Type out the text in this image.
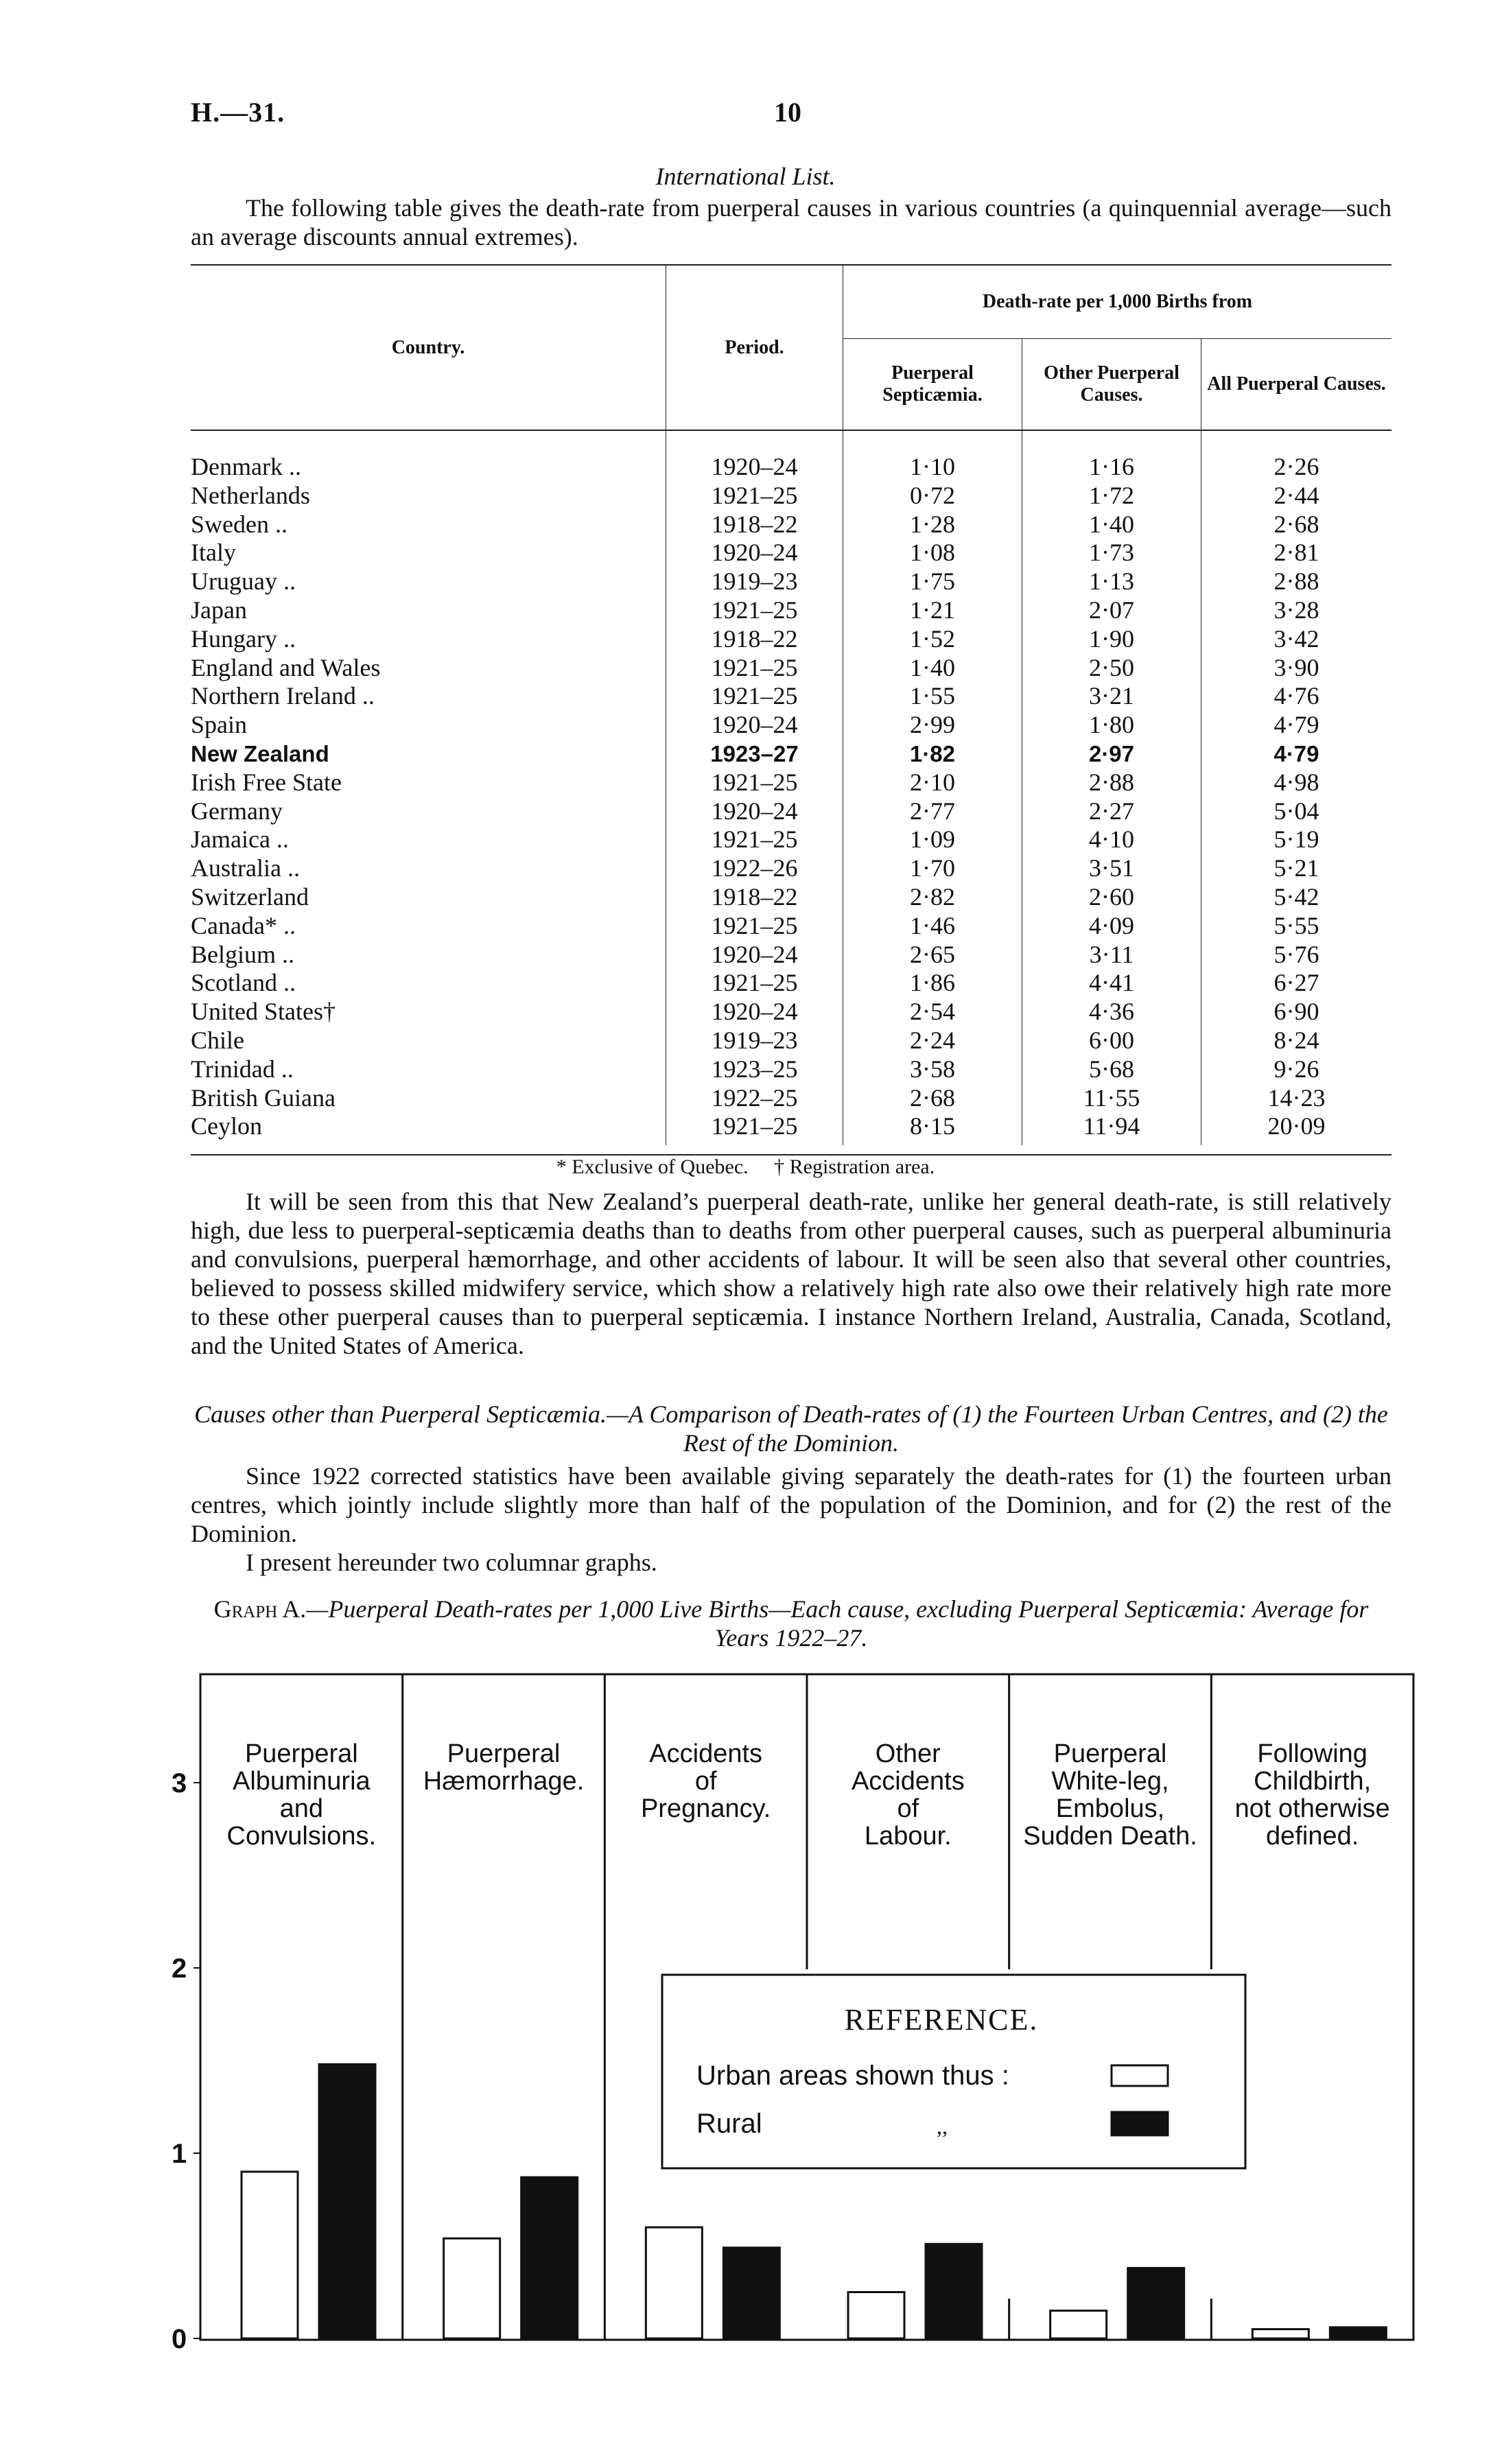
H.—31.	10
International List.
The following table gives the death-rate from puerperal causes in various countries (a quinquennial average—such an average discounts annual extremes).
Country.	Period.	Death-rate per 1,000 Births from		
		Puerperal Septicæmia.	Other Puerperal Causes.	All Puerperal Causes.
Denmark ..	1920–24	1·10	1·16	2·26
Netherlands	1921–25	0·72	1·72	2·44
Sweden ..	1918–22	1·28	1·40	2·68
Italy	1920–24	1·08	1·73	2·81
Uruguay ..	1919–23	1·75	1·13	2·88
Japan	1921–25	1·21	2·07	3·28
Hungary ..	1918–22	1·52	1·90	3·42
England and Wales	1921–25	1·40	2·50	3·90
Northern Ireland ..	1921–25	1·55	3·21	4·76
Spain	1920–24	2·99	1·80	4·79
New Zealand	1923–27	1·82	2·97	4·79
Irish Free State	1921–25	2·10	2·88	4·98
Germany	1920–24	2·77	2·27	5·04
Jamaica ..	1921–25	1·09	4·10	5·19
Australia ..	1922–26	1·70	3·51	5·21
Switzerland	1918–22	2·82	2·60	5·42
Canada* ..	1921–25	1·46	4·09	5·55
Belgium ..	1920–24	2·65	3·11	5·76
Scotland ..	1921–25	1·86	4·41	6·27
United States†	1920–24	2·54	4·36	6·90
Chile	1919–23	2·24	6·00	8·24
Trinidad ..	1923–25	3·58	5·68	9·26
British Guiana	1922–25	2·68	11·55	14·23
Ceylon	1921–25	8·15	11·94	20·09
* Exclusive of Quebec.     † Registration area.
It will be seen from this that New Zealand’s puerperal death-rate, unlike her general death-rate, is still relatively high, due less to puerperal-septicæmia deaths than to deaths from other puerperal causes, such as puerperal albuminuria and convulsions, puerperal hæmorrhage, and other accidents of labour. It will be seen also that several other countries, believed to possess skilled midwifery service, which show a relatively high rate also owe their relatively high rate more to these other puerperal causes than to puerperal septicæmia. I instance Northern Ireland, Australia, Canada, Scotland, and the United States of America.
Causes other than Puerperal Septicæmia.—A Comparison of Death-rates of (1) the Fourteen Urban Centres, and (2) the Rest of the Dominion.
Since 1922 corrected statistics have been available giving separately the death-rates for (1) the fourteen urban centres, which jointly include slightly more than half of the population of the Dominion, and for (2) the rest of the Dominion.
I present hereunder two columnar graphs.
Graph A.—Puerperal Death-rates per 1,000 Live Births—Each cause, excluding Puerperal Septicæmia: Average for Years 1922–27.
0
1
2
3
Puerperal
Albuminuria
and
Convulsions.
Puerperal
Hæmorrhage.
Accidents
of
Pregnancy.
Other
Accidents
of
Labour.
Puerperal
White-leg,
Embolus,
Sudden Death.
Following
Childbirth,
not otherwise
defined.
REFERENCE.
Urban areas shown thus :
Rural	,,
